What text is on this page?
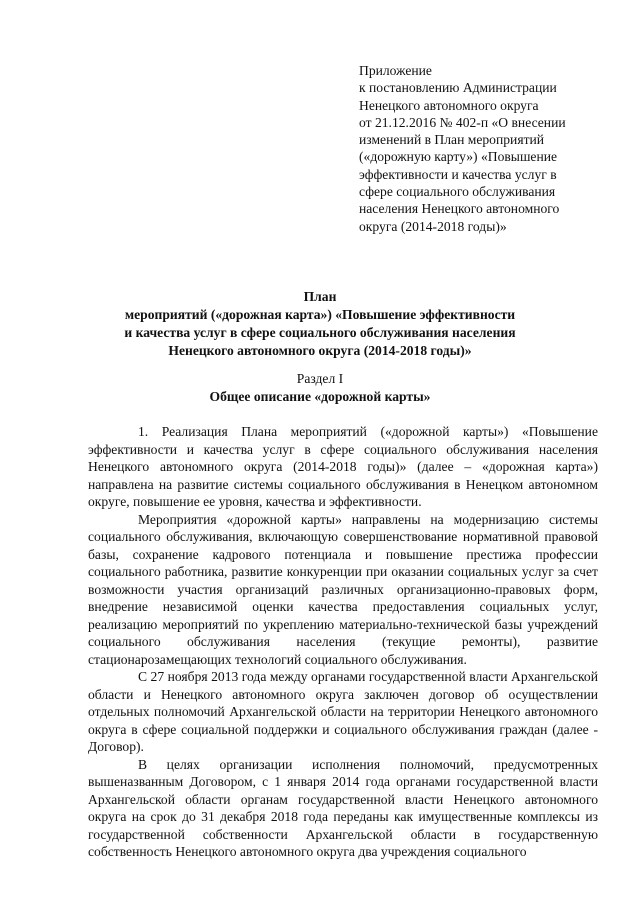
Приложение
к постановлению Администрации
Ненецкого автономного округа
от 21.12.2016 № 402-п «О внесении
изменений в План мероприятий
(«дорожную карту») «Повышение
эффективности и качества услуг в
сфере социального обслуживания
населения Ненецкого автономного
округа (2014-2018 годы)»
План
мероприятий («дорожная карта») «Повышение эффективности
и качества услуг в сфере социального обслуживания населения
Ненецкого автономного округа (2014-2018 годы)»
Раздел I
Общее описание «дорожной карты»

1. Реализация Плана мероприятий («дорожной карты») «Повышение эффективности и качества услуг в сфере социального обслуживания населения Ненецкого автономного округа (2014-2018 годы)» (далее – «дорожная карта») направлена на развитие системы социального обслуживания в Ненецком автономном округе, повышение ее уровня, качества и эффективности.

Мероприятия «дорожной карты» направлены на модернизацию системы социального обслуживания, включающую совершенствование нормативной правовой базы, сохранение кадрового потенциала и повышение престижа профессии социального работника, развитие конкуренции при оказании социальных услуг за счет возможности участия организаций различных организационно-правовых форм, внедрение независимой оценки качества предоставления социальных услуг, реализацию мероприятий по укреплению материально-технической базы учреждений социального обслуживания населения (текущие ремонты), развитие стационарозамещающих технологий социального обслуживания.

С 27 ноября 2013 года между органами государственной власти Архангельской области и Ненецкого автономного округа заключен договор об осуществлении отдельных полномочий Архангельской области на территории Ненецкого автономного округа в сфере социальной поддержки и социального обслуживания граждан (далее - Договор).

В целях организации исполнения полномочий, предусмотренных вышеназванным Договором, с 1 января 2014 года органами государственной власти Архангельской области органам государственной власти Ненецкого автономного округа на срок до 31 декабря 2018 года переданы как имущественные комплексы из государственной собственности Архангельской области в государственную собственность Ненецкого автономного округа два учреждения социального
